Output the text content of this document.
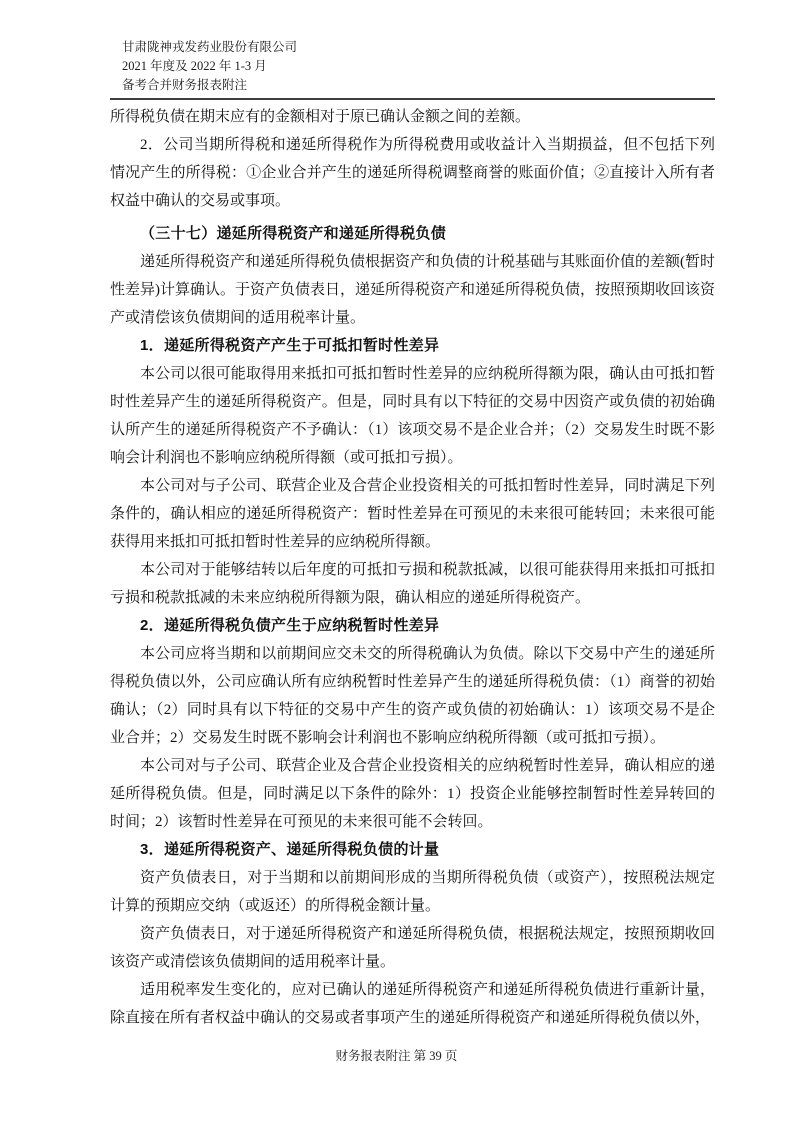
甘肃陇神戎发药业股份有限公司

2021 年度及 2022 年 1-3 月

备考合并财务报表附注

所得税负债在期末应有的金额相对于原已确认金额之间的差额。

2．公司当期所得税和递延所得税作为所得税费用或收益计入当期损益，但不包括下列情况产生的所得税：①企业合并产生的递延所得税调整商誉的账面价值；②直接计入所有者权益中确认的交易或事项。

（三十七）递延所得税资产和递延所得税负债

递延所得税资产和递延所得税负债根据资产和负债的计税基础与其账面价值的差额(暂时性差异)计算确认。于资产负债表日，递延所得税资产和递延所得税负债，按照预期收回该资产或清偿该负债期间的适用税率计量。

1．递延所得税资产产生于可抵扣暂时性差异

本公司以很可能取得用来抵扣可抵扣暂时性差异的应纳税所得额为限，确认由可抵扣暂时性差异产生的递延所得税资产。但是，同时具有以下特征的交易中因资产或负债的初始确认所产生的递延所得税资产不予确认：（1）该项交易不是企业合并；（2）交易发生时既不影响会计利润也不影响应纳税所得额（或可抵扣亏损）。

本公司对与子公司、联营企业及合营企业投资相关的可抵扣暂时性差异，同时满足下列条件的，确认相应的递延所得税资产：暂时性差异在可预见的未来很可能转回；未来很可能获得用来抵扣可抵扣暂时性差异的应纳税所得额。

本公司对于能够结转以后年度的可抵扣亏损和税款抵减，以很可能获得用来抵扣可抵扣亏损和税款抵减的未来应纳税所得额为限，确认相应的递延所得税资产。

2．递延所得税负债产生于应纳税暂时性差异

本公司应将当期和以前期间应交未交的所得税确认为负债。除以下交易中产生的递延所得税负债以外，公司应确认所有应纳税暂时性差异产生的递延所得税负债：（1）商誉的初始确认；（2）同时具有以下特征的交易中产生的资产或负债的初始确认：1）该项交易不是企业合并；2）交易发生时既不影响会计利润也不影响应纳税所得额（或可抵扣亏损）。

本公司对与子公司、联营企业及合营企业投资相关的应纳税暂时性差异，确认相应的递延所得税负债。但是，同时满足以下条件的除外：1）投资企业能够控制暂时性差异转回的时间；2）该暂时性差异在可预见的未来很可能不会转回。

3．递延所得税资产、递延所得税负债的计量

资产负债表日，对于当期和以前期间形成的当期所得税负债（或资产），按照税法规定计算的预期应交纳（或返还）的所得税金额计量。

资产负债表日，对于递延所得税资产和递延所得税负债，根据税法规定，按照预期收回该资产或清偿该负债期间的适用税率计量。

适用税率发生变化的，应对已确认的递延所得税资产和递延所得税负债进行重新计量，除直接在所有者权益中确认的交易或者事项产生的递延所得税资产和递延所得税负债以外，

财务报表附注 第 39 页
